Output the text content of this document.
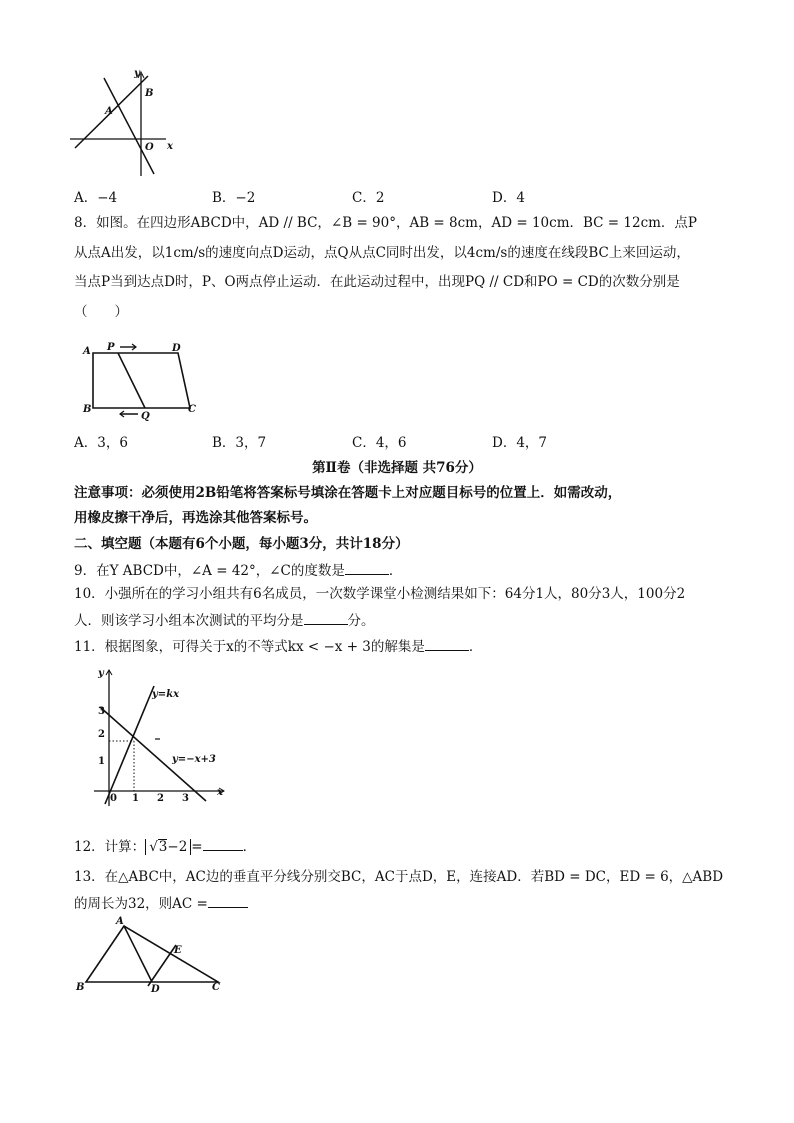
y
x
A
B
O
A．−4	B．−2	C．2	D．4
8．如图。在四边形ABCD中，AD // BC，∠B = 90°，AB = 8cm，AD = 10cm．BC = 12cm．点P
从点A出发，以1cm/s的速度向点D运动，点Q从点C同时出发，以4cm/s的速度在线段BC上来回运动，
当点P当到达点D时，P、O两点停止运动．在此运动过程中，出现PQ // CD和PO = CD的次数分别是
（　　）
A P	D
B
Q
C
A．3，6	B．3，7	C．4，6	D．4，7
第Ⅱ卷（非选择题 共76分）
注意事项：必须使用2B铅笔将答案标号填涂在答题卡上对应题目标号的位置上．如需改动，
用橡皮擦干净后，再选涂其他答案标号。
二、填空题（本题有6个小题，每小题3分，共计18分）
9．在Y ABCD中，∠A = 42°，∠C的度数是	．
10．小强所在的学习小组共有6名成员，一次数学课堂小检测结果如下：64分1人，80分3人，100分2
人．则该学习小组本次测试的平均分是	分。
11．根据图象，可得关于x的不等式kx < −x + 3的解集是	．
y
x
y=kx
y=−x+3
3
2
1
0 1 2 3
12．计算： √3−2 =	．
13．在△ABC中，AC边的垂直平分线分别交BC，AC于点D，E，连接AD．若BD = DC，ED = 6，△ABD
的周长为32，则AC =
A
E
B	D	C
